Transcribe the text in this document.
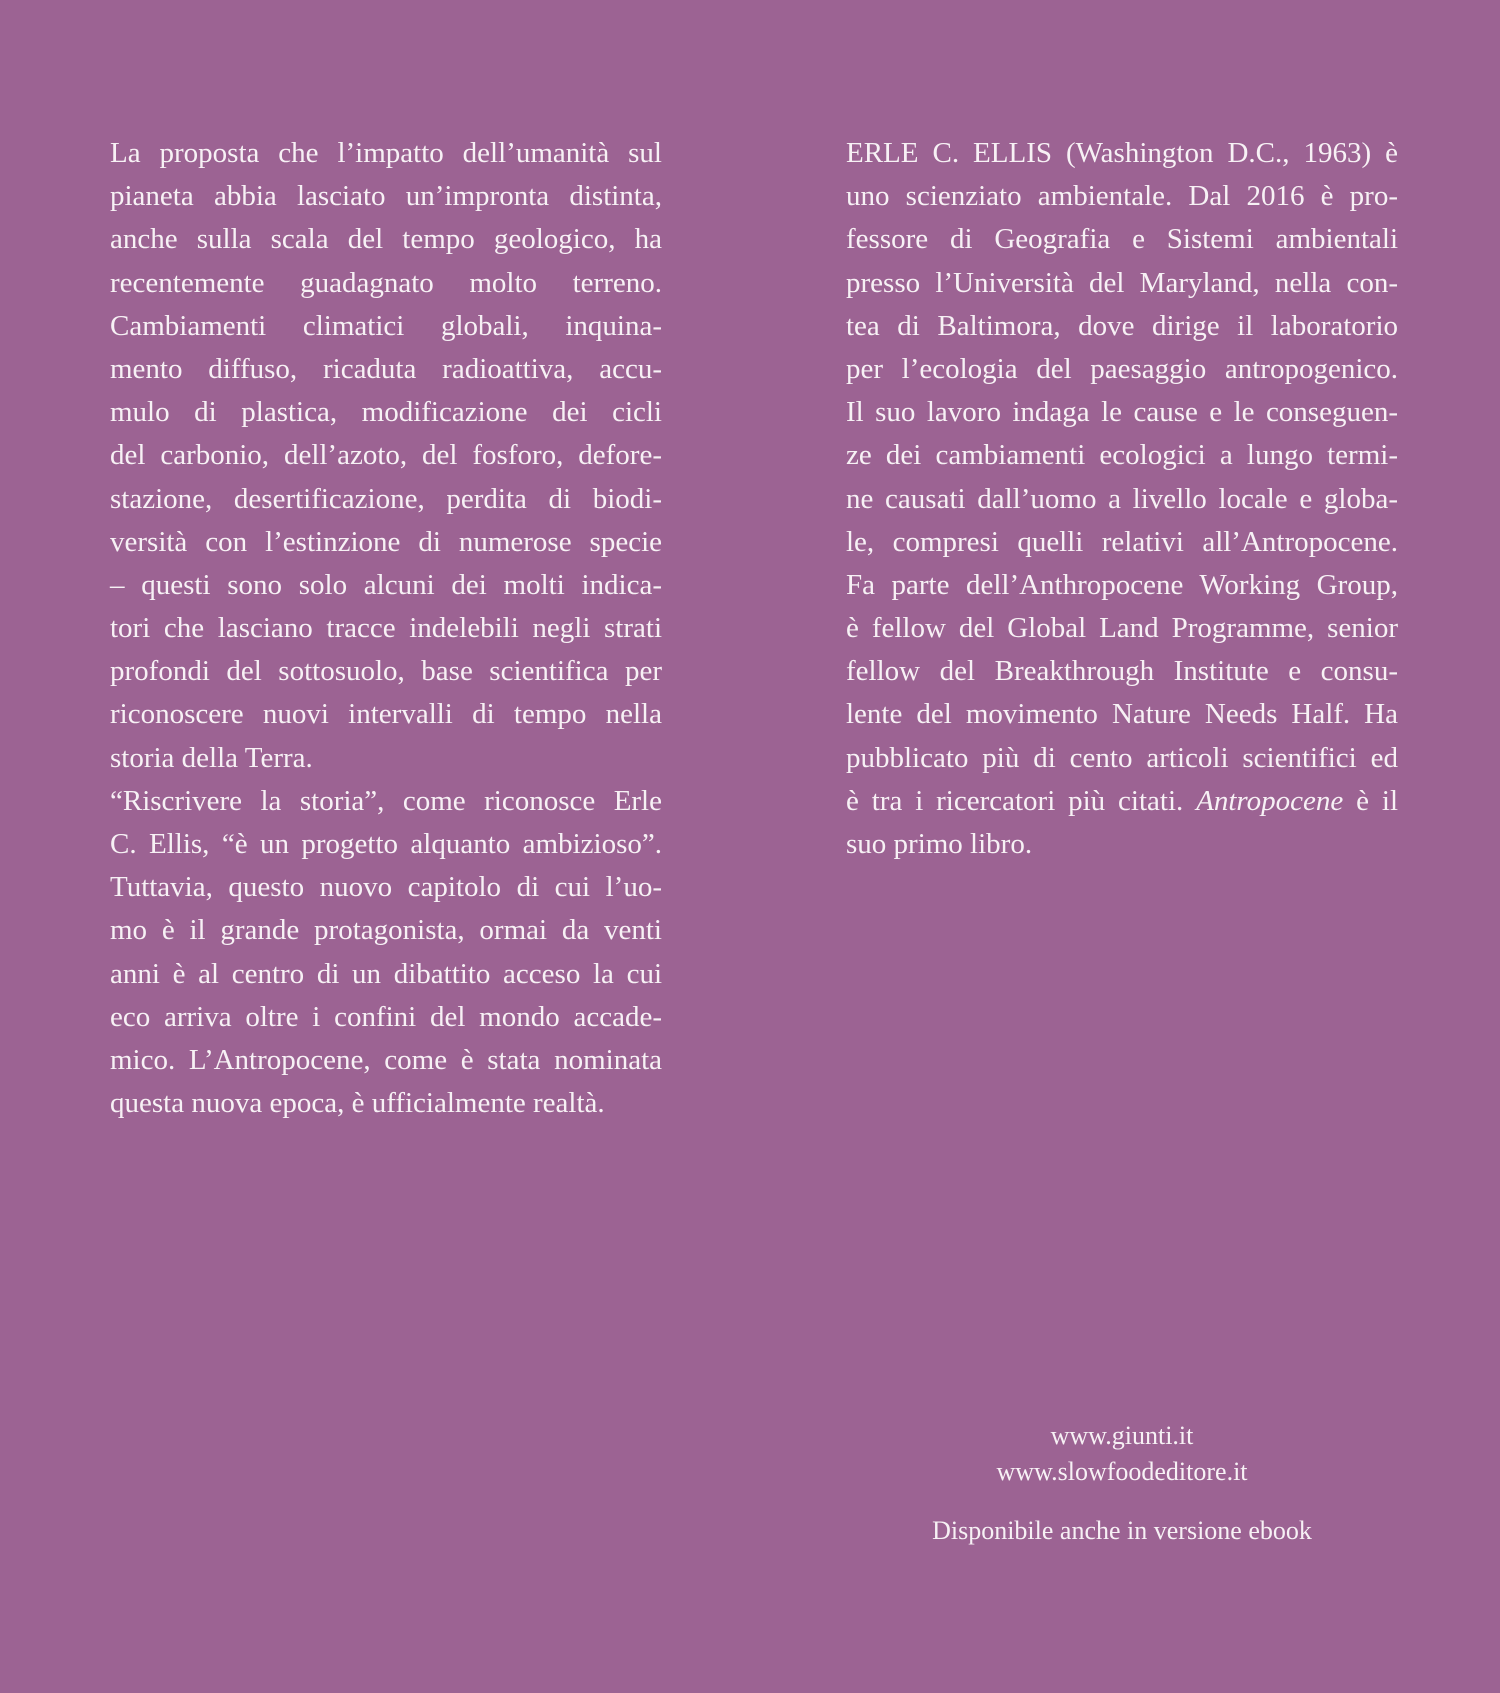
La proposta che l’impatto dell’umanità sul
pianeta abbia lasciato un’impronta distinta,
anche sulla scala del tempo geologico, ha
recentemente guadagnato molto terreno.
Cambiamenti climatici globali, inquina-
mento diffuso, ricaduta radioattiva, accu-
mulo di plastica, modificazione dei cicli
del carbonio, dell’azoto, del fosforo, defore-
stazione, desertificazione, perdita di biodi-
versità con l’estinzione di numerose specie
– questi sono solo alcuni dei molti indica-
tori che lasciano tracce indelebili negli strati
profondi del sottosuolo, base scientifica per
riconoscere nuovi intervalli di tempo nella
storia della Terra.
“Riscrivere la storia”, come riconosce Erle
C. Ellis, “è un progetto alquanto ambizioso”.
Tuttavia, questo nuovo capitolo di cui l’uo-
mo è il grande protagonista, ormai da venti
anni è al centro di un dibattito acceso la cui
eco arriva oltre i confini del mondo accade-
mico. L’Antropocene, come è stata nominata
questa nuova epoca, è ufficialmente realtà.
ERLE C. ELLIS (Washington D.C., 1963) è
uno scienziato ambientale. Dal 2016 è pro-
fessore di Geografia e Sistemi ambientali
presso l’Università del Maryland, nella con-
tea di Baltimora, dove dirige il laboratorio
per l’ecologia del paesaggio antropogenico.
Il suo lavoro indaga le cause e le conseguen-
ze dei cambiamenti ecologici a lungo termi-
ne causati dall’uomo a livello locale e globa-
le, compresi quelli relativi all’Antropocene.
Fa parte dell’Anthropocene Working Group,
è fellow del Global Land Programme, senior
fellow del Breakthrough Institute e consu-
lente del movimento Nature Needs Half. Ha
pubblicato più di cento articoli scientifici ed
è tra i ricercatori più citati. Antropocene è il
suo primo libro.
www.giunti.it
www.slowfoodeditore.it
Disponibile anche in versione ebook
